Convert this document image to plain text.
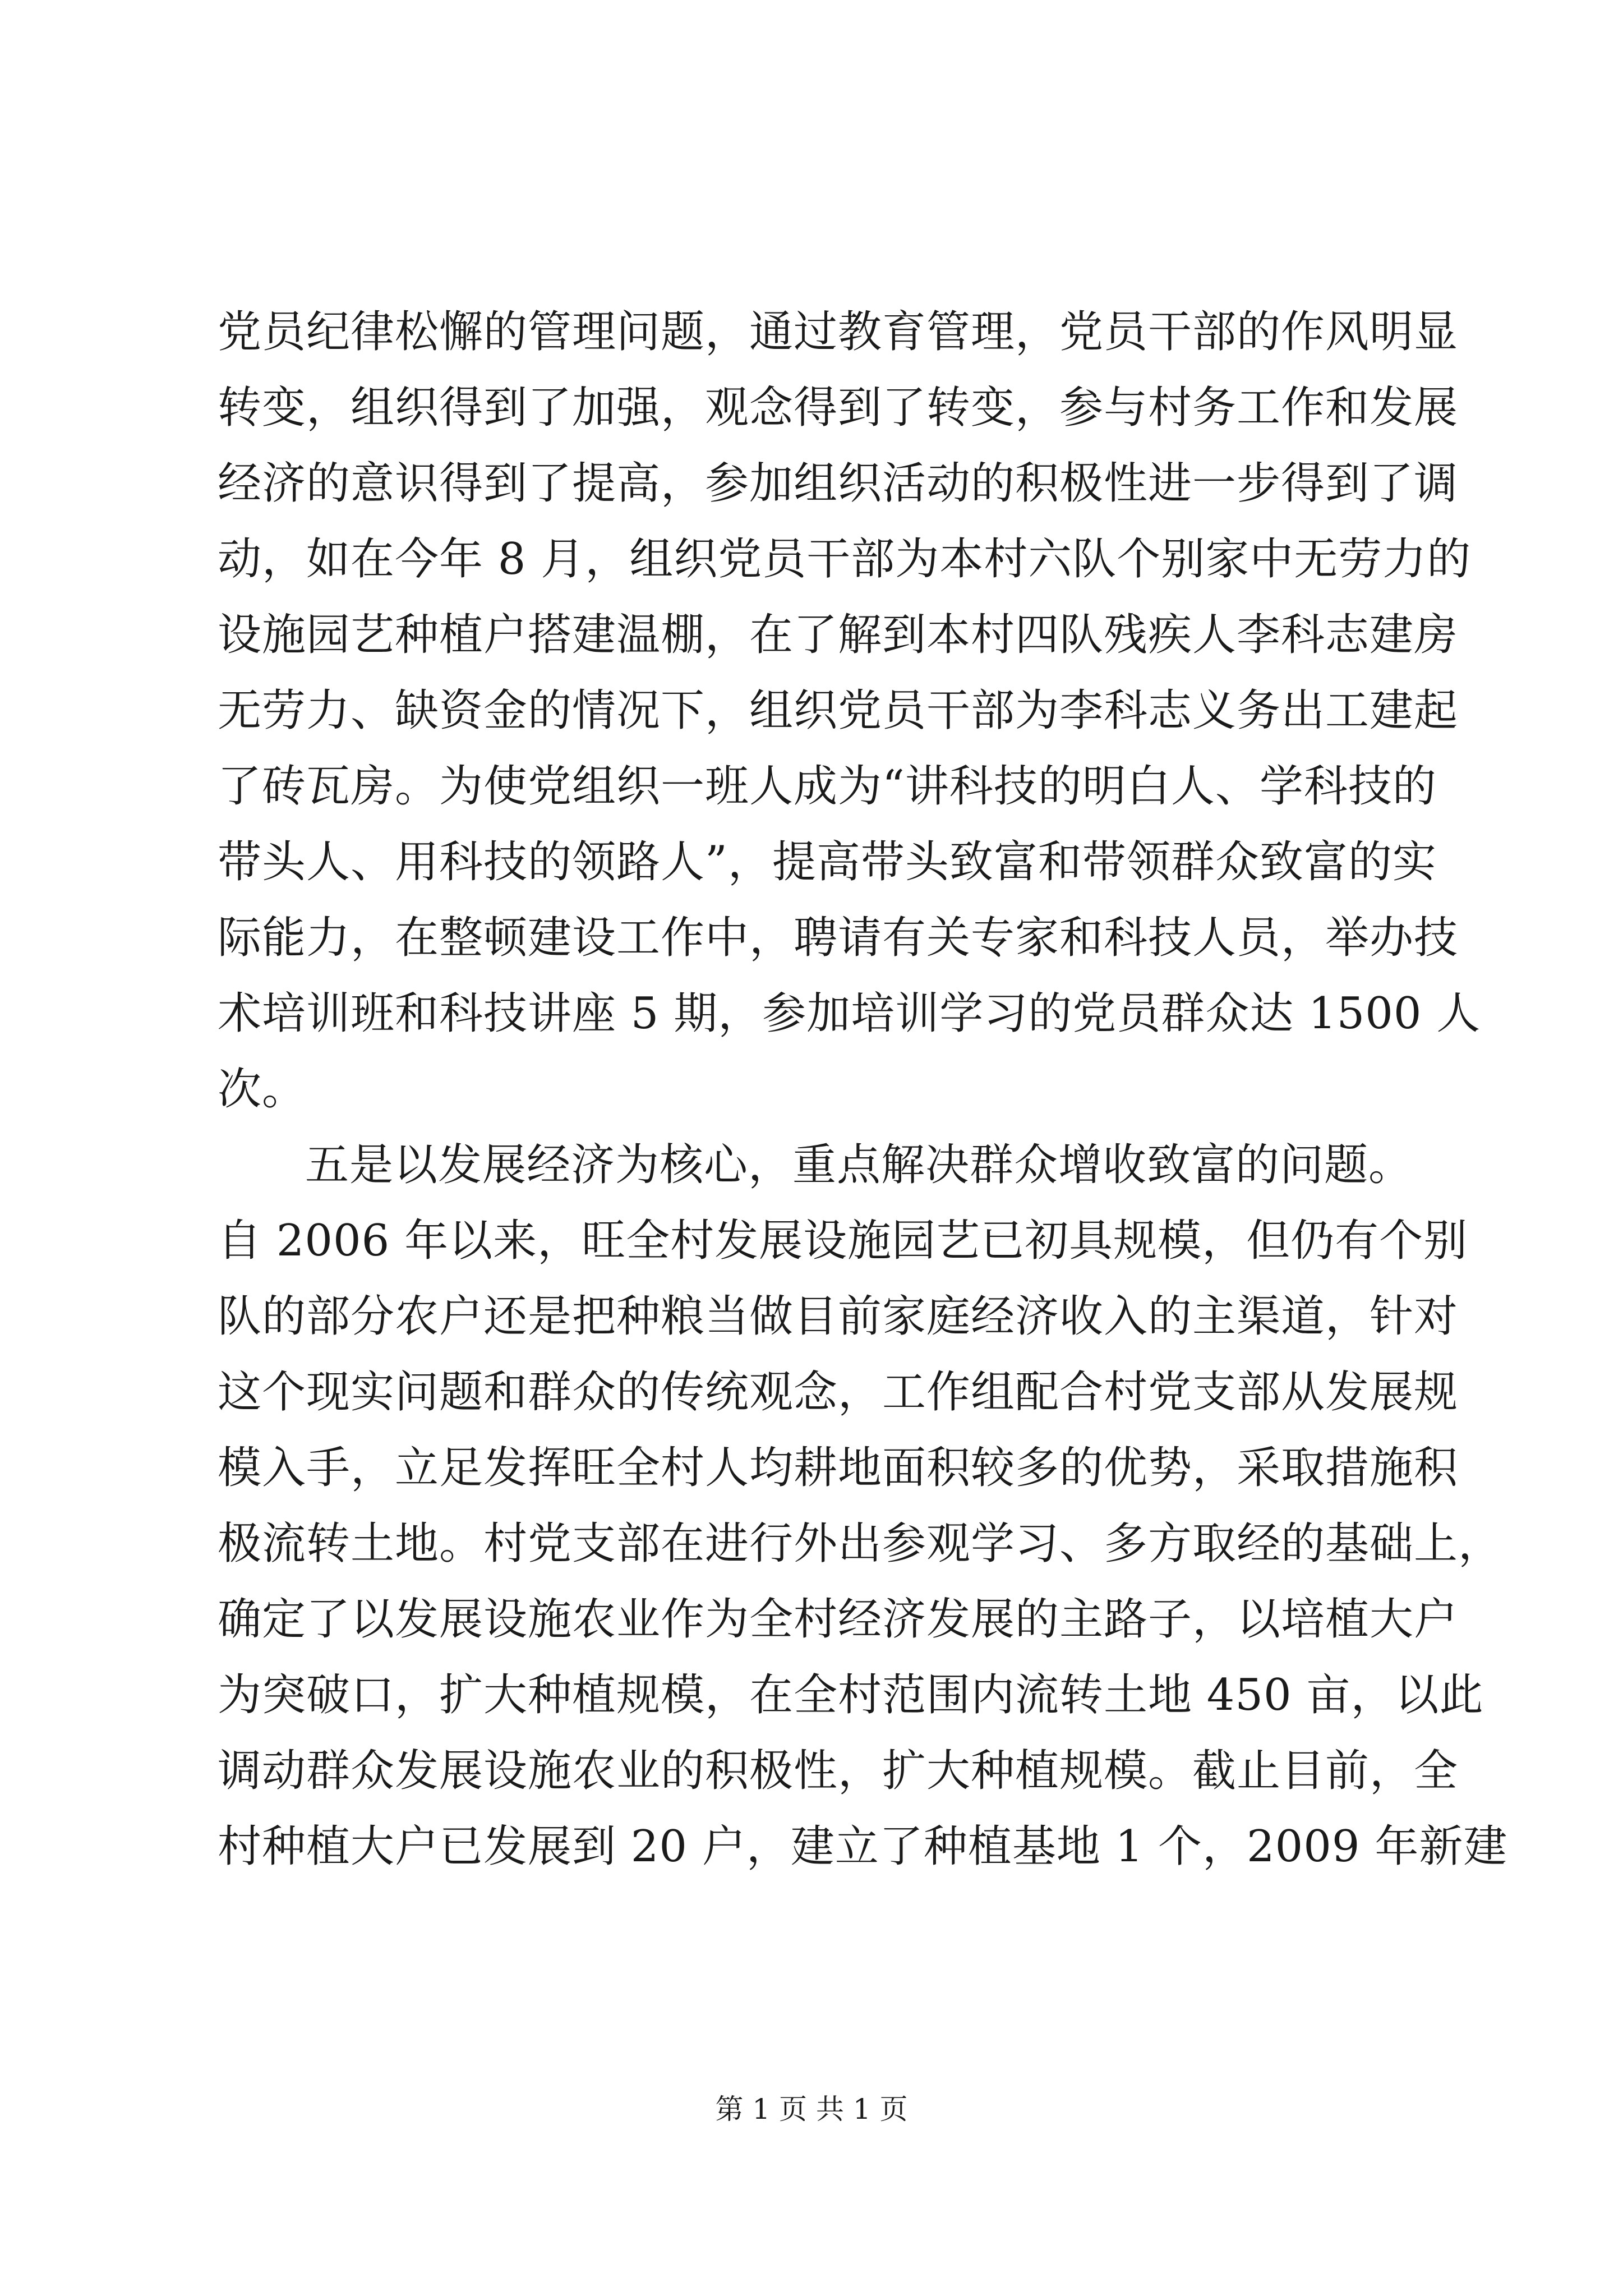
党员纪律松懈的管理问题，通过教育管理，党员干部的作风明显
转变，组织得到了加强，观念得到了转变，参与村务工作和发展
经济的意识得到了提高，参加组织活动的积极性进一步得到了调
动，如在今年 8 月，组织党员干部为本村六队个别家中无劳力的
设施园艺种植户搭建温棚，在了解到本村四队残疾人李科志建房
无劳力、缺资金的情况下，组织党员干部为李科志义务出工建起
了砖瓦房。为使党组织一班人成为“讲科技的明白人、学科技的
带头人、用科技的领路人”，提高带头致富和带领群众致富的实
际能力，在整顿建设工作中，聘请有关专家和科技人员，举办技
术培训班和科技讲座 5 期，参加培训学习的党员群众达 1500 人
次。
五是以发展经济为核心，重点解决群众增收致富的问题。
自 2006 年以来，旺全村发展设施园艺已初具规模，但仍有个别
队的部分农户还是把种粮当做目前家庭经济收入的主渠道，针对
这个现实问题和群众的传统观念，工作组配合村党支部从发展规
模入手，立足发挥旺全村人均耕地面积较多的优势，采取措施积
极流转土地。村党支部在进行外出参观学习、多方取经的基础上，
确定了以发展设施农业作为全村经济发展的主路子，以培植大户
为突破口，扩大种植规模，在全村范围内流转土地 450 亩，以此
调动群众发展设施农业的积极性，扩大种植规模。截止目前，全
村种植大户已发展到 20 户，建立了种植基地 1 个，2009 年新建
第 1 页 共 1 页
